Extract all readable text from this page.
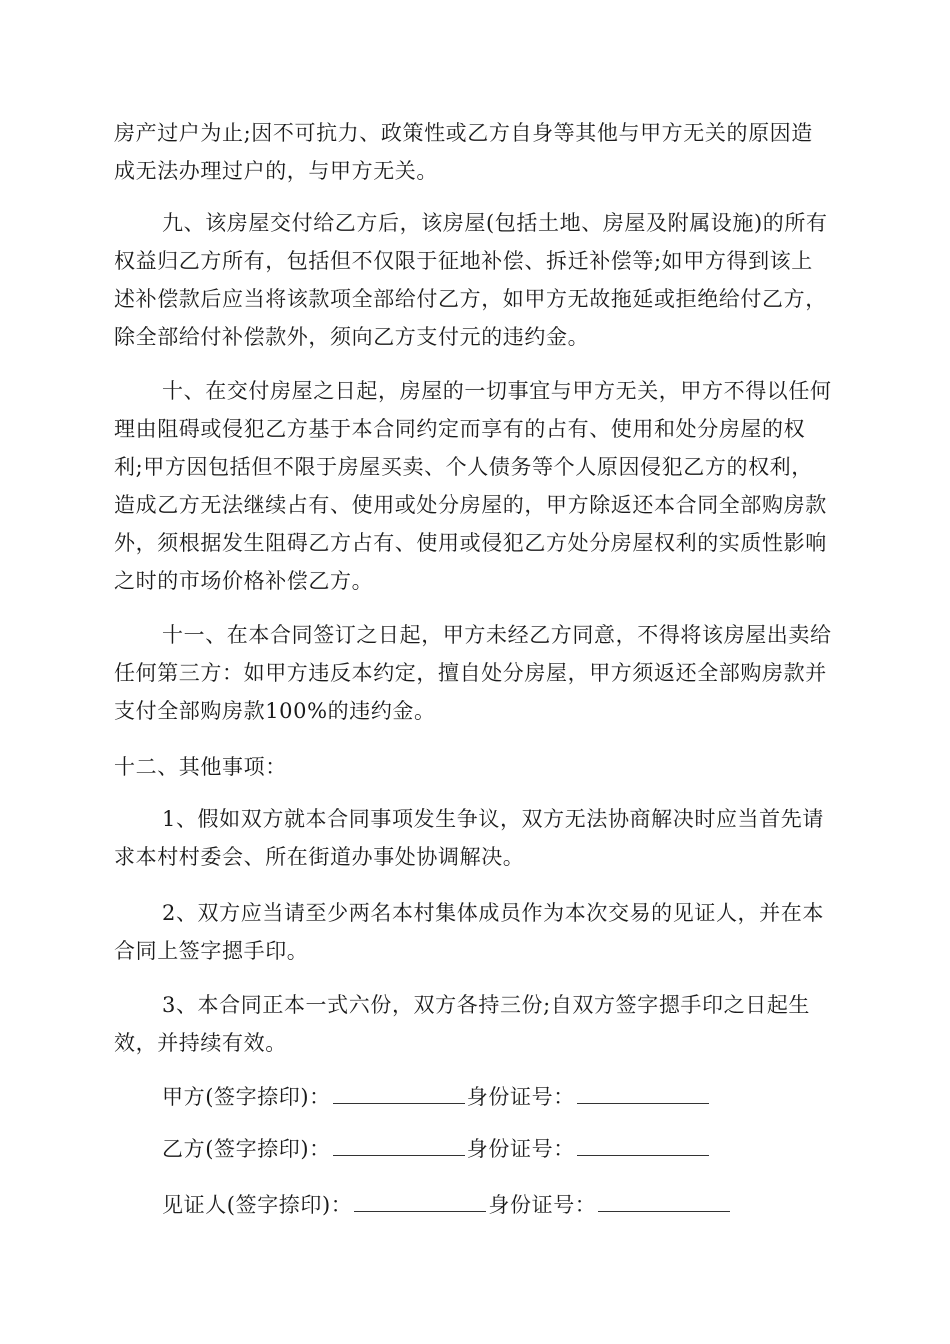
房产过户为止;因不可抗力、政策性或乙方自身等其他与甲方无关的原因造成无法办理过户的，与甲方无关。

九、该房屋交付给乙方后，该房屋(包括土地、房屋及附属设施)的所有权益归乙方所有，包括但不仅限于征地补偿、拆迁补偿等;如甲方得到该上述补偿款后应当将该款项全部给付乙方，如甲方无故拖延或拒绝给付乙方，除全部给付补偿款外，须向乙方支付元的违约金。

十、在交付房屋之日起，房屋的一切事宜与甲方无关，甲方不得以任何理由阻碍或侵犯乙方基于本合同约定而享有的占有、使用和处分房屋的权利;甲方因包括但不限于房屋买卖、个人债务等个人原因侵犯乙方的权利，造成乙方无法继续占有、使用或处分房屋的，甲方除返还本合同全部购房款外，须根据发生阻碍乙方占有、使用或侵犯乙方处分房屋权利的实质性影响之时的市场价格补偿乙方。

十一、在本合同签订之日起，甲方未经乙方同意，不得将该房屋出卖给任何第三方：如甲方违反本约定，擅自处分房屋，甲方须返还全部购房款并支付全部购房款100%的违约金。

十二、其他事项：

1、假如双方就本合同事项发生争议，双方无法协商解决时应当首先请求本村村委会、所在街道办事处协调解决。

2、双方应当请至少两名本村集体成员作为本次交易的见证人，并在本合同上签字摁手印。

3、本合同正本一式六份，双方各持三份;自双方签字摁手印之日起生效，并持续有效。

甲方(签字捺印)：	身份证号：
乙方(签字捺印)：	身份证号：
见证人(签字捺印)：	身份证号：
